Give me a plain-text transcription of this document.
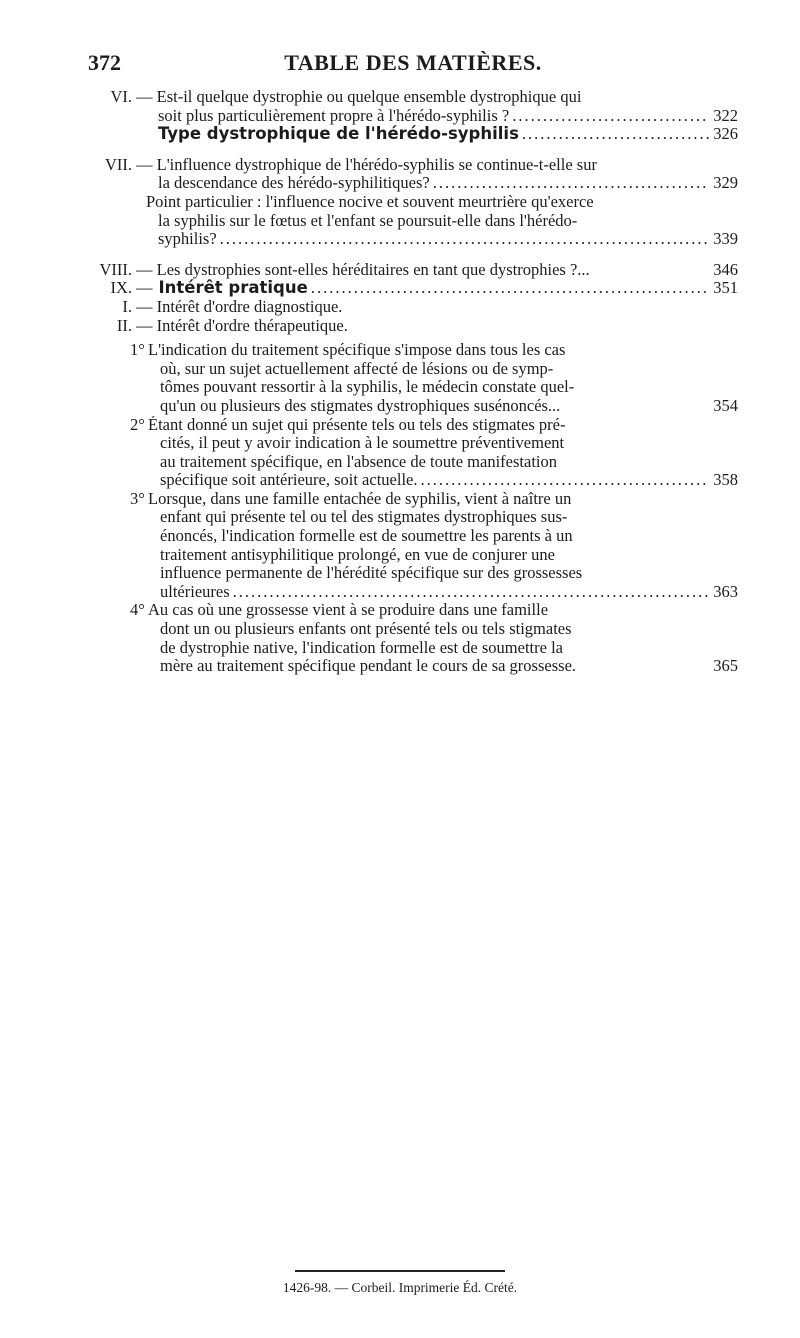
372	TABLE DES MATIÈRES.
VI. — Est-il quelque dystrophie ou quelque ensemble dystrophique qui
soit plus particulièrement propre à l'hérédo-syphilis ? .....	322
Type dystrophique de l'hérédo-syphilis .....	326
VII. — L'influence dystrophique de l'hérédo-syphilis se continue-t-elle sur
la descendance des hérédo-syphilitiques? .....	329
Point particulier : l'influence nocive et souvent meurtrière qu'exerce
la syphilis sur le fœtus et l'enfant se poursuit-elle dans l'hérédo-
syphilis? .....	339
VIII. — Les dystrophies sont-elles héréditaires en tant que dystrophies ?...	346
IX. — Intérêt pratique .....	351
I. — Intérêt d'ordre diagnostique.
II. — Intérêt d'ordre thérapeutique.
1° L'indication du traitement spécifique s'impose dans tous les cas
où, sur un sujet actuellement affecté de lésions ou de symp-
tômes pouvant ressortir à la syphilis, le médecin constate quel-
qu'un ou plusieurs des stigmates dystrophiques susénoncés...	354
2° Étant donné un sujet qui présente tels ou tels des stigmates pré-
cités, il peut y avoir indication à le soumettre préventivement
au traitement spécifique, en l'absence de toute manifestation
spécifique soit antérieure, soit actuelle. .....	358
3° Lorsque, dans une famille entachée de syphilis, vient à naître un
enfant qui présente tel ou tel des stigmates dystrophiques sus-
énoncés, l'indication formelle est de soumettre les parents à un
traitement antisyphilitique prolongé, en vue de conjurer une
influence permanente de l'hérédité spécifique sur des grossesses
ultérieures .....	363
4° Au cas où une grossesse vient à se produire dans une famille
dont un ou plusieurs enfants ont présenté tels ou tels stigmates
de dystrophie native, l'indication formelle est de soumettre la
mère au traitement spécifique pendant le cours de sa grossesse.	365
1426-98. — Corbeil. Imprimerie Éd. Crété.
